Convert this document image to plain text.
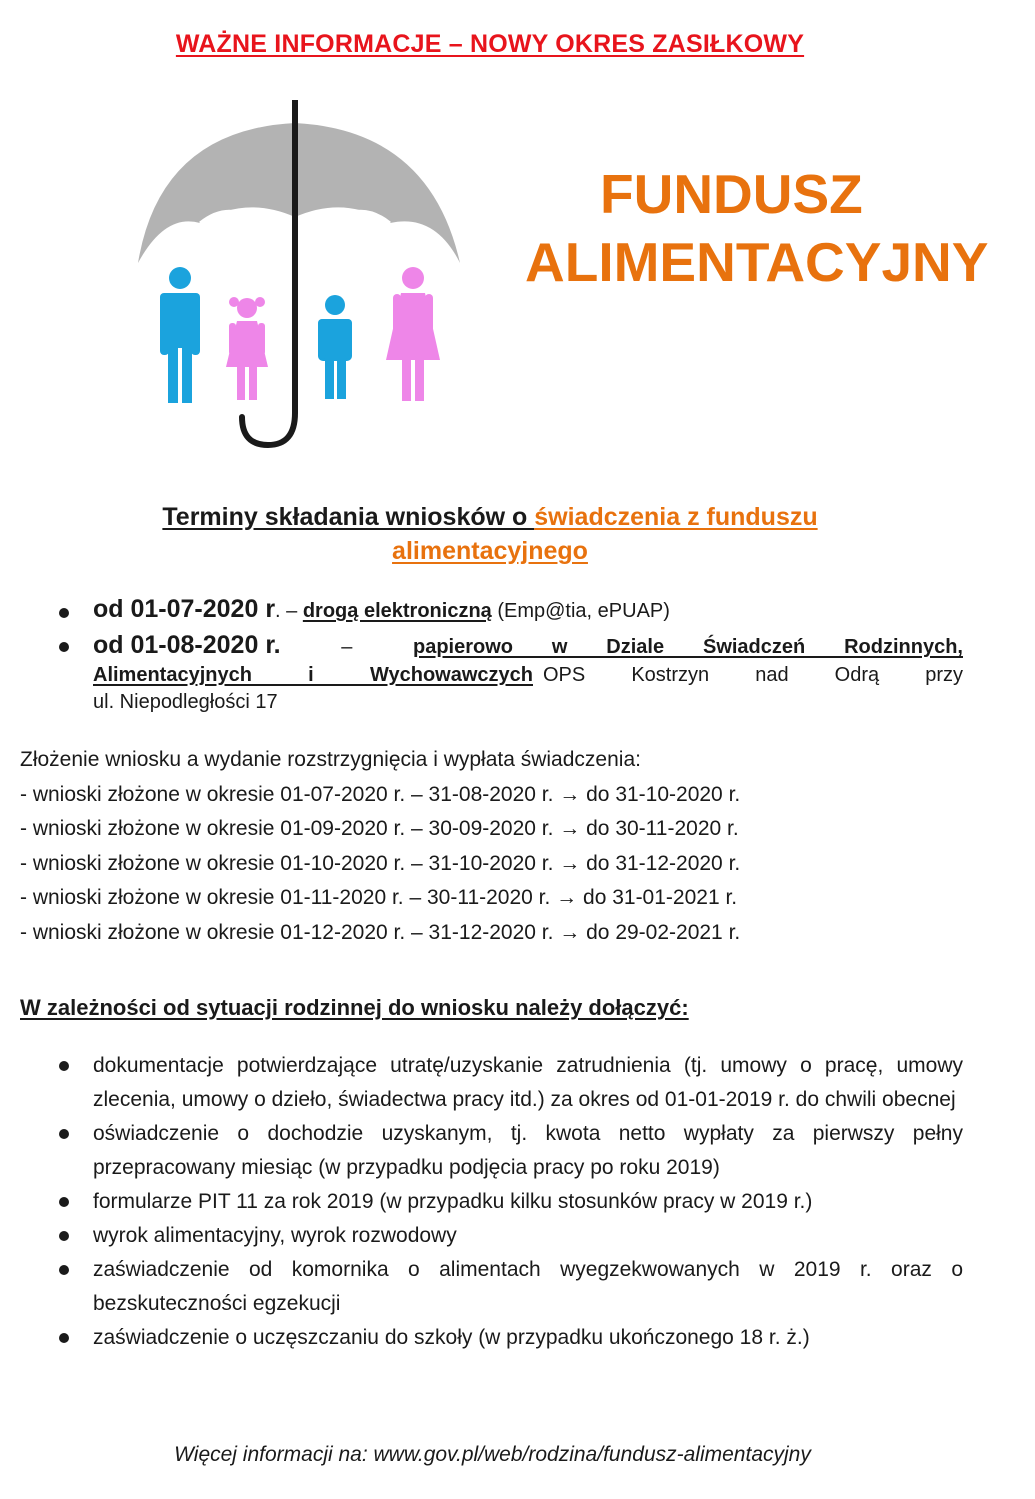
WAŻNE INFORMACJE – NOWY OKRES ZASIŁKOWY
FUNDUSZ
ALIMENTACYJNY
Terminy składania wniosków o świadczenia z funduszu
alimentacyjnego
od 01-07-2020 r. – drogą elektroniczną (Emp@tia, ePUAP)
od 01-08-2020 r.	–	papierowo w Dziale Świadczeń Rodzinnych,
Alimentacyjnych i Wychowawczych OPS Kostrzyn nad Odrą przy
ul. Niepodległości 17
Złożenie wniosku a wydanie rozstrzygnięcia i wypłata świadczenia:
- wnioski złożone w okresie 01-07-2020 r. – 31-08-2020 r. → do 31-10-2020 r.
- wnioski złożone w okresie 01-09-2020 r. – 30-09-2020 r. → do 30-11-2020 r.
- wnioski złożone w okresie 01-10-2020 r. – 31-10-2020 r. → do 31-12-2020 r.
- wnioski złożone w okresie 01-11-2020 r. – 30-11-2020 r. → do 31-01-2021 r.
- wnioski złożone w okresie 01-12-2020 r. – 31-12-2020 r. → do 29-02-2021 r.
W zależności od sytuacji rodzinnej do wniosku należy dołączyć:
dokumentacje potwierdzające utratę/uzyskanie zatrudnienia (tj. umowy o pracę, umowy zlecenia, umowy o dzieło, świadectwa pracy itd.) za okres od 01-01-2019 r. do chwili obecnej
oświadczenie o dochodzie uzyskanym, tj. kwota netto wypłaty za pierwszy pełny przepracowany miesiąc (w przypadku podjęcia pracy po roku 2019)
formularze PIT 11 za rok 2019 (w przypadku kilku stosunków pracy w 2019 r.)
wyrok alimentacyjny, wyrok rozwodowy
zaświadczenie od komornika o alimentach wyegzekwowanych w 2019 r. oraz o bezskuteczności egzekucji
zaświadczenie o uczęszczaniu do szkoły (w przypadku ukończonego 18 r. ż.)
Więcej informacji na: www.gov.pl/web/rodzina/fundusz-alimentacyjny
